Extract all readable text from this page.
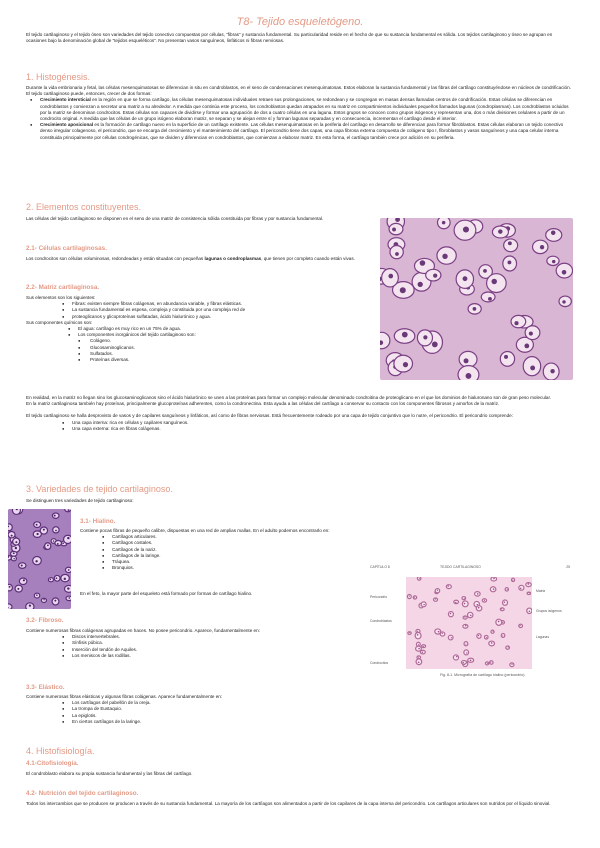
T8- Tejido esqueletógeno.

El tejido cartilaginoso y el tejido óseo son variedades del tejido conectivo compuestas por células, “fibras” y sustancia fundamental. Su particularidad reside en el hecho de que su sustancia fundamental es sólida. Los tejidos cartilaginoso y óseo se agrupan en ocasiones bajo la denominación global de “tejidos esqueléticos”. No presentan vasos sanguíneos, linfáticos ni fibras nerviosas.

1. Histogénesis.

Durante la vida embrionaria y fetal, las células mesenquimatosas se diferencian in situ en condroblastos, en el seno de condensaciones mesenquimatosas. Estos elaboran la sustancia fundamental y las fibras del cartílago constituyéndose en núcleos de condrificación. El tejido cartilaginoso puede, entonces, crecer de dos formas:

● Crecimiento intersticial en la región en que se forma cartílago, las células mesenquimatosas individuales retraen sus prolongaciones, se redondean y se congregan en masas densas llamadas centros de condrificación. Estas células se diferencian en condroblastos y comienzan a secretar una matriz a su alrededor. A medida que continúa este proceso, los condroblastos quedan atrapados en su matriz en compartimientos individuales pequeños llamados lagunas (condroplasmas). Los condroblastos ocluidos por la matriz se denominan condrocitos. Estas células son capaces de dividirse y formar una agrupación de dos a cuatro células en una laguna. Estos grupos se conocen como grupos isógenos y representan una, dos o más divisiones celulares a partir de un condrocito original. A medida que las células de un grupo isógeno elaboran matriz, se separan y se alejan entre sí y forman lagunas separadas y en consecuencia, incrementan el cartílago desde el interior.
● Crecimiento aposicional es la formación de cartílago nuevo en la superficie de un cartílago existente. Las células mesenquimatosas en la periferia del cartílago en desarrollo se diferencian para formar fibroblastos. Estas células elaboran un tejido conectivo denso irregular colagenoso, el pericondrio, que se encarga del crecimiento y el mantenimiento del cartílago. El pericondrio tiene dos capas, una capa fibrosa externa compuesta de colágeno tipo I, fibroblastos y vasos sanguíneos y una capa celular interna constituida principalmente por células condrogénicas, que se dividen y diferencian en condroblastos, que comienzan a elaborar matriz. En esta forma, el cartílago también crece por adición en su periferia.
2. Elementos constituyentes.
Las células del tejido cartilaginoso se disponen en el seno de una matriz de consistencia sólida constituida por fibras y por sustancia fundamental.
2.1- Células cartilaginosas.
Los condrocitos son células voluminosas, redondeadas y están situadas con pequeñas lagunas o condroplasmas, que tienen por completo cuando están vivas.
2.2- Matriz cartilaginosa.

Sus elementos son los siguientes:

● Fibras: existen siempre fibras colágenas, en abundancia variable, y fibras elásticas.
● La sustancia fundamental es espesa, compleja y constituida por una compleja red de
● proteoglicanos y glicoproteínas sulfatadas, ácido hialurónico y agua.

Sus componentes químicos son:

● El agua: cartílago es muy rico en un 75% de agua.
● Los componentes inorgánicos del tejido cartilaginoso son:
● Colágeno.
● Glucosaminoglicanos.
● Sulfatados.
● Proteínas diversas.

En realidad, en la matriz no llegan sino los glucosaminoglicanos sino el ácido hialurónico se unen a las proteínas para formar un complejo molecular denominado condroitina de proteoglicano en el que los dominios de hialuronano son de gran peso molecular.

En la matriz cartilaginosa también hay proteínas, principalmente glucoproteínas adherentes, como la condronectina. Esta ayuda a las células del cartílago a conservar su contacto con los componentes fibrosos y amorfos de la matriz.

El tejido cartilaginoso se halla desprovisto de vasos y de capilares sanguíneos y linfáticos, así como de fibras nerviosas. Está frecuentemente rodeado por una capa de tejido conjuntivo que lo nutre, el pericondrio. El pericondrio comprende:

● Una capa interna: rica en células y capilares sanguíneos.
● Una capa externa: rica en fibras colágenas.
3. Variedades de tejido cartilaginoso.
Se distinguen tres variedades de tejido cartilaginoso:
3.1- Hialino.

Contiene pocas fibras de pequeño calibre, dispuestas en una red de amplias mallas. En el adulto podemos encontrarlo en:

● Cartílagos articulares.
● Cartílagos costales.
● Cartílagos de la nariz.
● Cartílagos de la laringe.
● Tráquea.
● Bronquios.
En el feto, la mayor parte del esqueleto está formado por formas de cartílago hialino.
CAPÍTULO 8	TEJIDO CARTILAGINOSO	25
Pericondrio
Condroblastos
Condrocitos
Matriz
Grupos isógenos
Lagunas
Fig. 8-1. Micrografía de cartílago hialino (pericondrio).
3.2- Fibroso.

Contiene numerosas fibras colágenas agrupadas en haces. No posee pericondrio. Aparece, fundamentalmente en:

● Discos intervertebrales.
● Sínfisis púbica.
● Inserción del tendón de Aquiles.
● Los meniscos de las rodillas.
3.3- Elástico.

Contiene numerosas fibras elásticas y algunas fibras colágenas. Aparece fundamentalmente en:

● Los cartílagos del pabellón de la oreja.
● La trompa de Eustaquio.
● La epiglotis.
● En ciertos cartílagos de la laringe.
4. Histofisiología.
4.1-Citofisiología.
El condroblasto elabora su propia sustancia fundamental y las fibras del cartílago.
4.2- Nutrición del tejido cartilaginoso.
Todos los intercambios que se producen se producen a través de su sustancia fundamental. La mayoría de los cartílagos son alimentados a partir de los capilares de la capa interna del pericondrio. Los cartílagos articulares son nutridos por el líquido sinovial.
